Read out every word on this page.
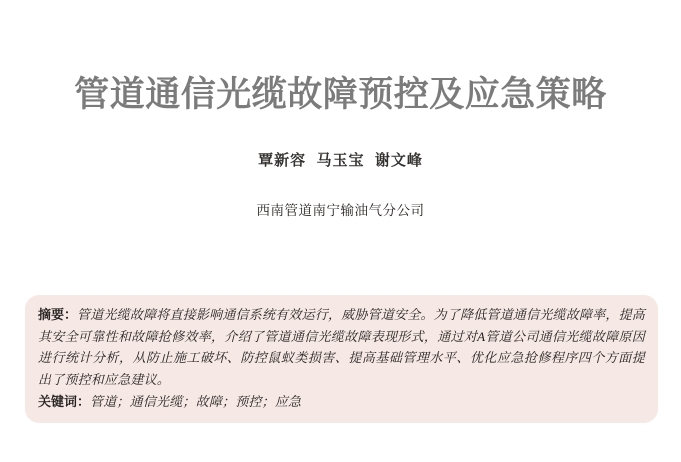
管道通信光缆故障预控及应急策略
覃新容  马玉宝  谢文峰
西南管道南宁输油气分公司

摘要：管道光缆故障将直接影响通信系统有效运行，威胁管道安全。为了降低管道通信光缆故障率，提高其安全可靠性和故障抢修效率，介绍了管道通信光缆故障表现形式，通过对A管道公司通信光缆故障原因进行统计分析，从防止施工破坏、防控鼠蚁类损害、提高基础管理水平、优化应急抢修程序四个方面提出了预控和应急建议。

关键词：管道；通信光缆；故障；预控；应急
